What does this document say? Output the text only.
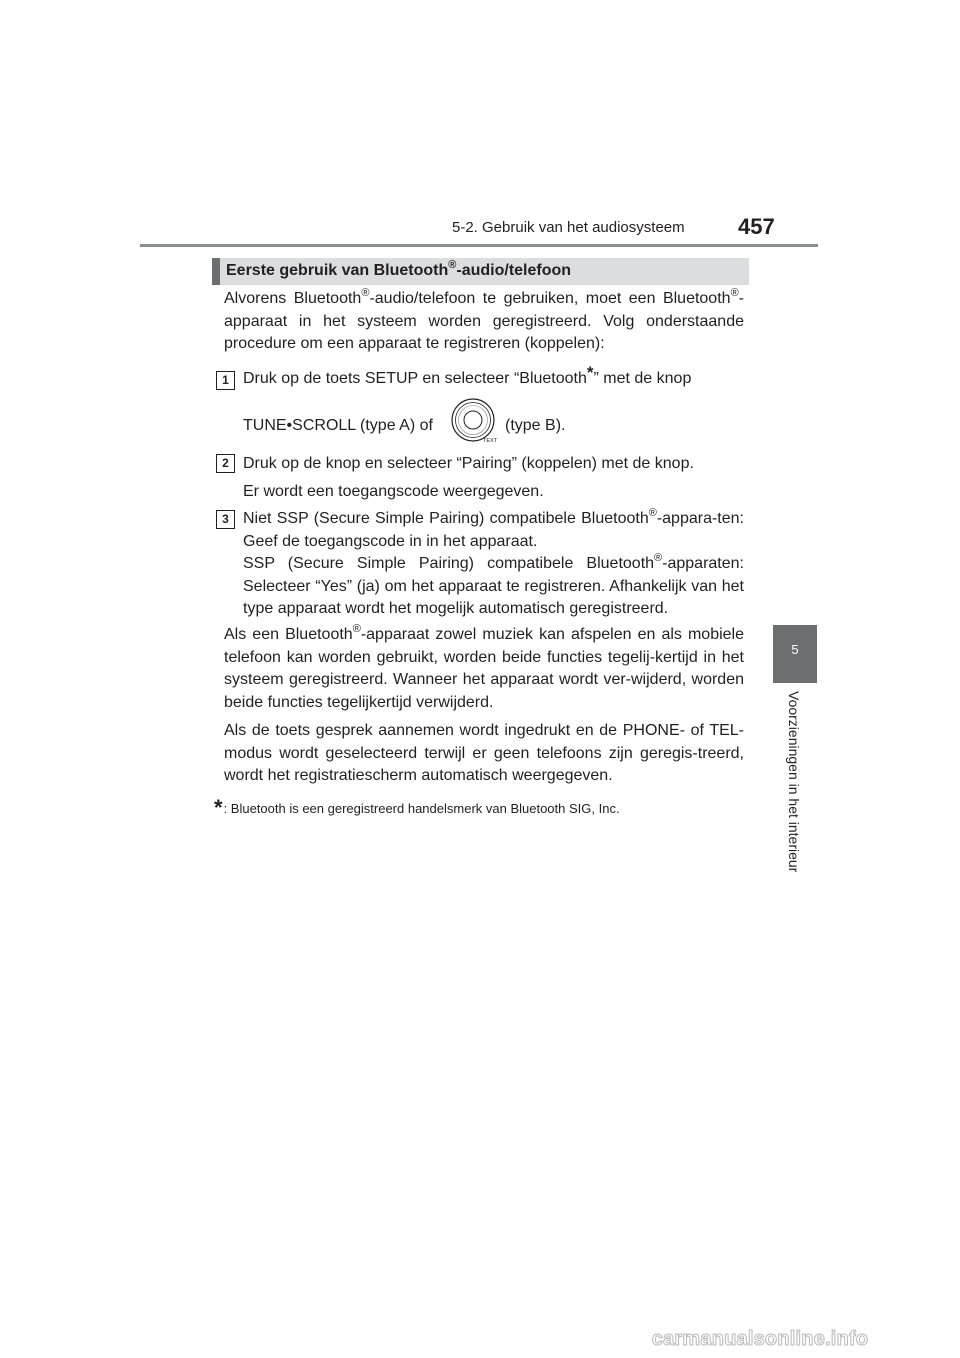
5-2. Gebruik van het audiosysteem 457
5
Voorzieningen in het interieur
Eerste gebruik van Bluetooth®-audio/telefoon
Alvorens Bluetooth®-audio/telefoon te gebruiken, moet een Bluetooth®-apparaat in het systeem worden geregistreerd. Volg onderstaande procedure om een apparaat te registreren (koppelen):
1 Druk op de toets SETUP en selecteer “Bluetooth*” met de knop
TUNE•SCROLL (type A) of
TEXT
(type B).
2 Druk op de knop en selecteer “Pairing” (koppelen) met de knop.
Er wordt een toegangscode weergegeven.
3 Niet SSP (Secure Simple Pairing) compatibele Bluetooth®-appara-ten: Geef de toegangscode in in het apparaat.
SSP (Secure Simple Pairing) compatibele Bluetooth®-apparaten: Selecteer “Yes” (ja) om het apparaat te registreren. Afhankelijk van het type apparaat wordt het mogelijk automatisch geregistreerd.
Als een Bluetooth®-apparaat zowel muziek kan afspelen en als mobiele telefoon kan worden gebruikt, worden beide functies tegelij-kertijd in het systeem geregistreerd. Wanneer het apparaat wordt ver-wijderd, worden beide functies tegelijkertijd verwijderd.
Als de toets gesprek aannemen wordt ingedrukt en de PHONE- of TEL-modus wordt geselecteerd terwijl er geen telefoons zijn geregis-treerd, wordt het registratiescherm automatisch weergegeven.
*: Bluetooth is een geregistreerd handelsmerk van Bluetooth SIG, Inc.
carmanualsonline.info
